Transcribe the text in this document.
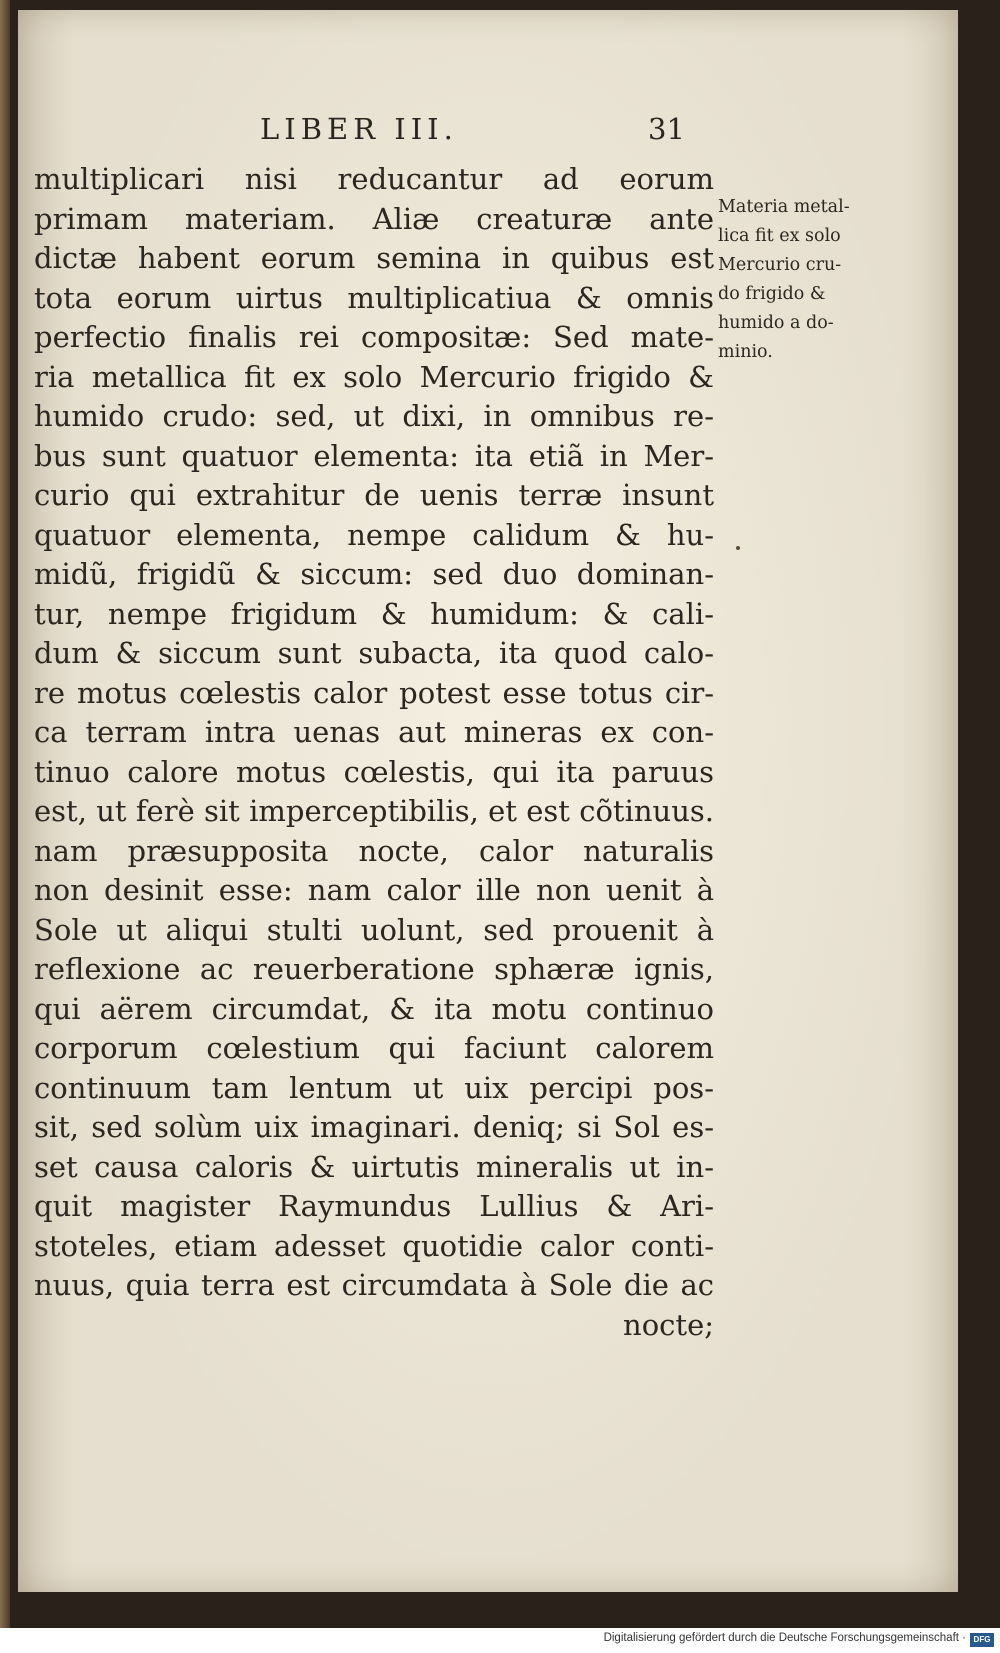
LIBER III.	31
multiplicari nisi reducantur ad eorum
primam materiam. Aliæ creaturæ ante
dictæ habent eorum semina in quibus est
tota eorum uirtus multiplicatiua & omnis
perfectio finalis rei compositæ: Sed mate-
ria metallica fit ex solo Mercurio frigido &
humido crudo: sed, ut dixi, in omnibus re-
bus sunt quatuor elementa: ita etiã in Mer-
curio qui extrahitur de uenis terræ insunt
quatuor elementa, nempe calidum & hu-
midũ, frigidũ & siccum: sed duo dominan-
tur, nempe frigidum & humidum: & cali-
dum & siccum sunt subacta, ita quod calo-
re motus cœlestis calor potest esse totus cir-
ca terram intra uenas aut mineras ex con-
tinuo calore motus cœlestis, qui ita paruus
est, ut ferè sit imperceptibilis, et est cõtinuus.
nam præsupposita nocte, calor naturalis
non desinit esse: nam calor ille non uenit à
Sole ut aliqui stulti uolunt, sed prouenit à
reflexione ac reuerberatione sphæræ ignis,
qui aërem circumdat, & ita motu continuo
corporum cœlestium qui faciunt calorem
continuum tam lentum ut uix percipi pos-
sit, sed solùm uix imaginari. deniq; si Sol es-
set causa caloris & uirtutis mineralis ut in-
quit magister Raymundus Lullius & Ari-
stoteles, etiam adesset quotidie calor conti-
nuus, quia terra est circumdata à Sole die ac
nocte;
Materia metal-
lica fit ex solo
Mercurio cru-
do frigido &
humido a do-
minio.
Digitalisierung gefördert durch die Deutsche Forschungsgemeinschaft · DFG
